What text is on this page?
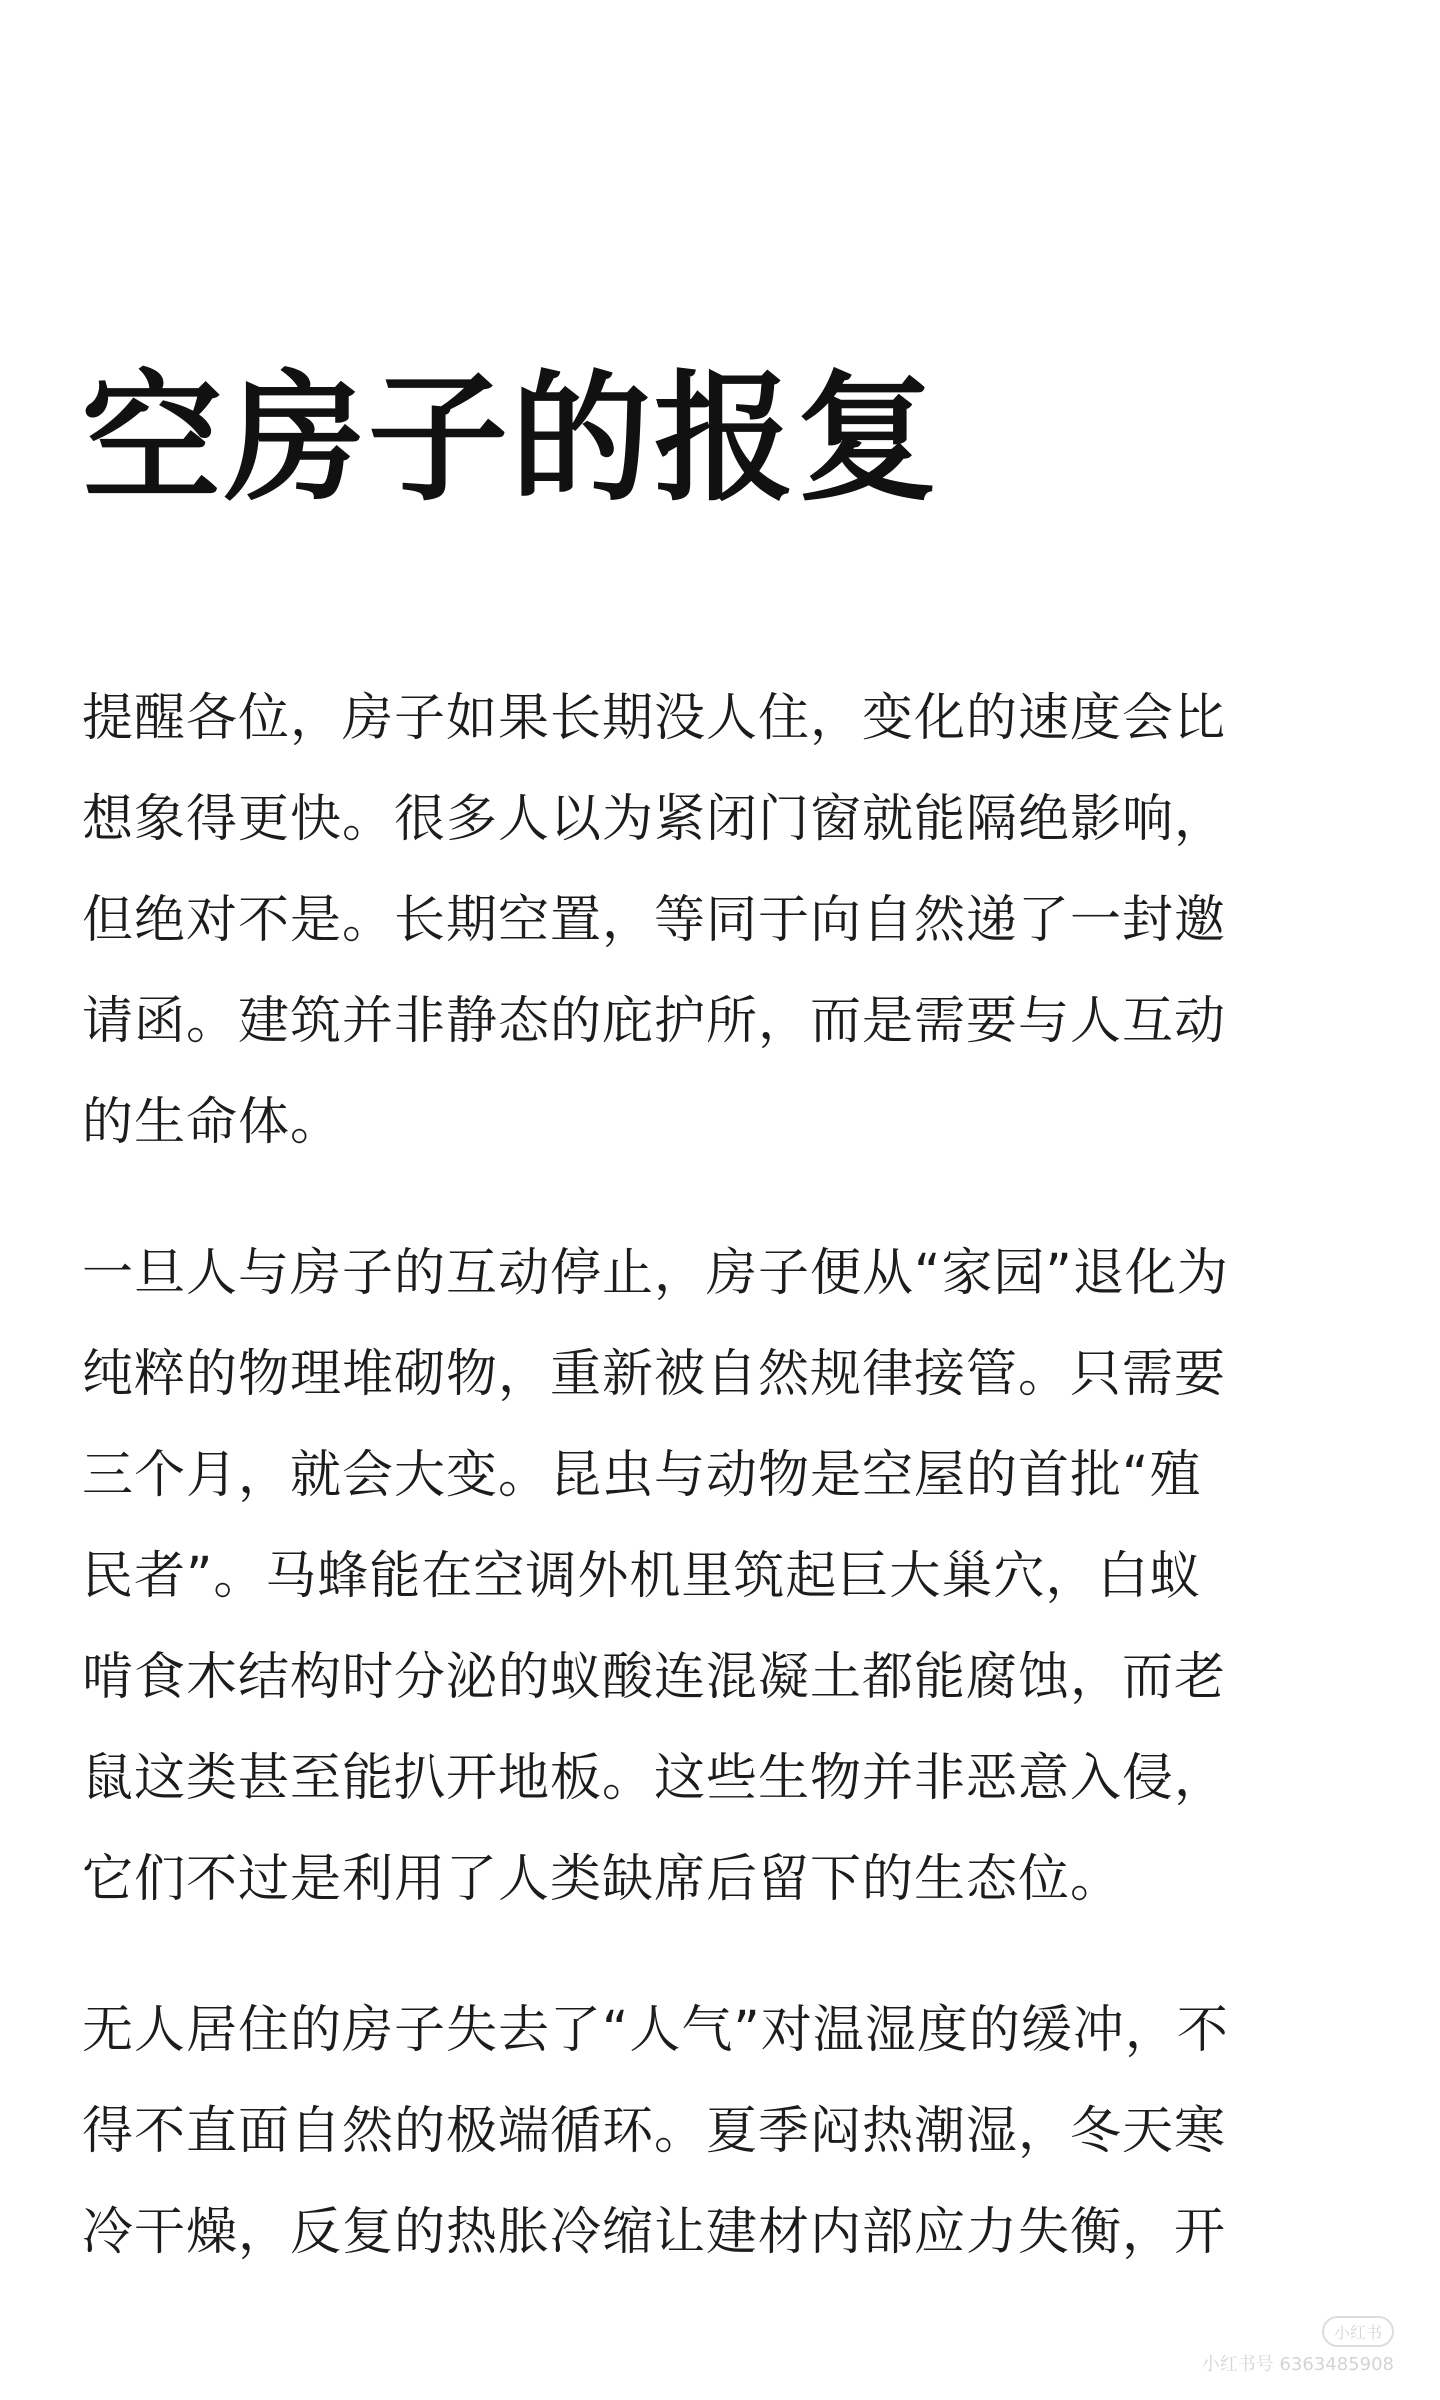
空房子的报复
提醒各位，房子如果长期没人住，变化的速度会比
想象得更快。很多人以为紧闭门窗就能隔绝影响，
但绝对不是。长期空置，等同于向自然递了一封邀
请函。建筑并非静态的庇护所，而是需要与人互动
的生命体。
一旦人与房子的互动停止，房子便从“家园”退化为
纯粹的物理堆砌物，重新被自然规律接管。只需要
三个月，就会大变。昆虫与动物是空屋的首批“殖
民者”。马蜂能在空调外机里筑起巨大巢穴，白蚁
啃食木结构时分泌的蚁酸连混凝土都能腐蚀，而老
鼠这类甚至能扒开地板。这些生物并非恶意入侵，
它们不过是利用了人类缺席后留下的生态位。
无人居住的房子失去了“人气”对温湿度的缓冲，不
得不直面自然的极端循环。夏季闷热潮湿，冬天寒
冷干燥，反复的热胀冷缩让建材内部应力失衡，开
小红书
小红书号 6363485908
